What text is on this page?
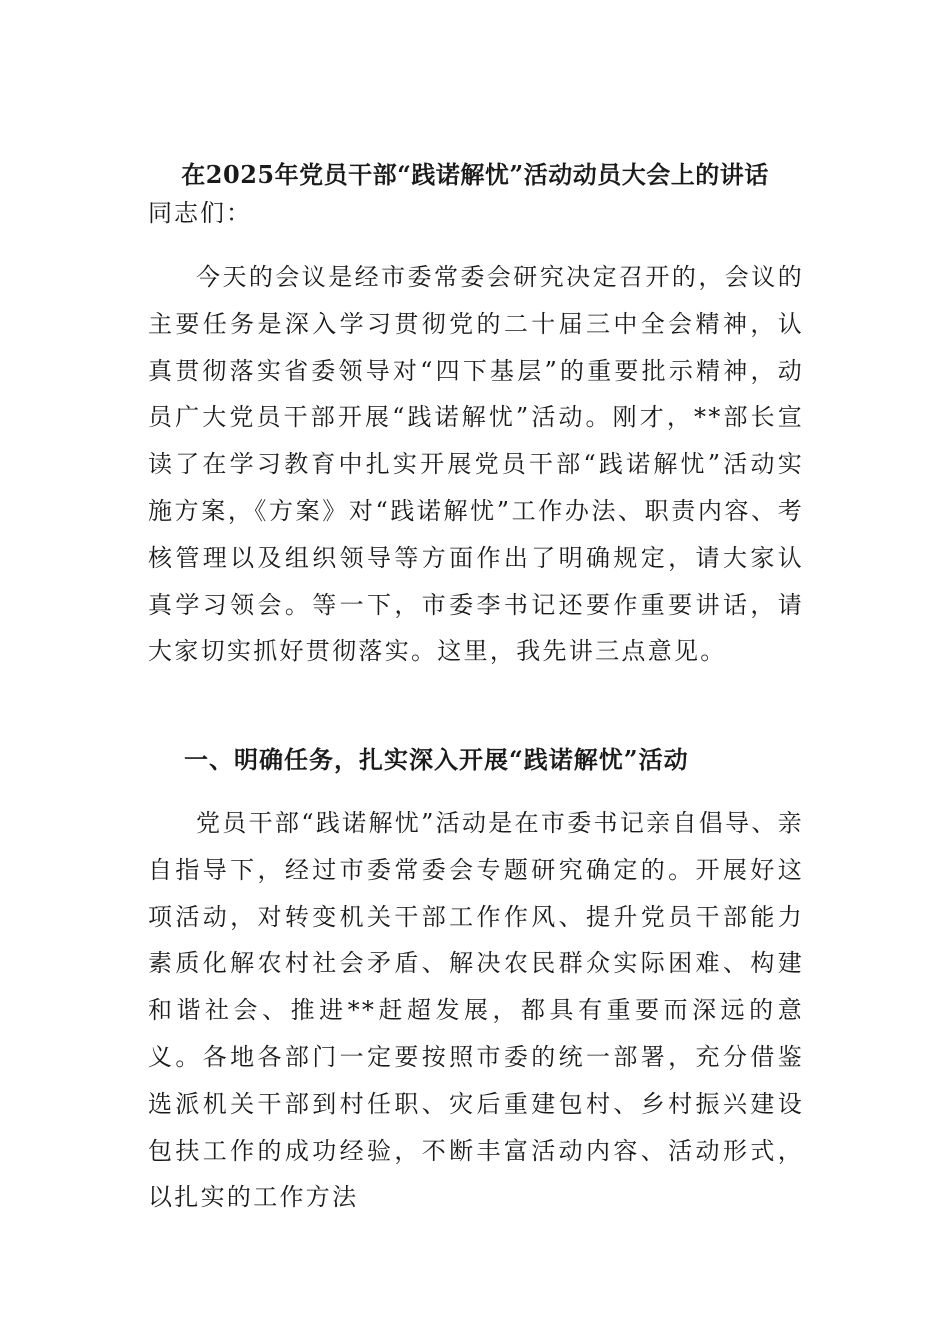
在2025年党员干部“践诺解忧”活动动员大会上的讲话

同志们：

今天的会议是经市委常委会研究决定召开的，会议的主要任务是深入学习贯彻党的二十届三中全会精神，认真贯彻落实省委领导对“四下基层”的重要批示精神，动员广大党员干部开展“践诺解忧”活动。刚才，**部长宣读了在学习教育中扎实开展党员干部“践诺解忧”活动实施方案，《方案》对“践诺解忧”工作办法、职责内容、考核管理以及组织领导等方面作出了明确规定，请大家认真学习领会。等一下，市委李书记还要作重要讲话，请大家切实抓好贯彻落实。这里，我先讲三点意见。

一、明确任务，扎实深入开展“践诺解忧”活动

党员干部“践诺解忧”活动是在市委书记亲自倡导、亲自指导下，经过市委常委会专题研究确定的。开展好这项活动，对转变机关干部工作作风、提升党员干部能力素质化解农村社会矛盾、解决农民群众实际困难、构建和谐社会、推进**赶超发展，都具有重要而深远的意义。各地各部门一定要按照市委的统一部署，充分借鉴选派机关干部到村任职、灾后重建包村、乡村振兴建设包扶工作的成功经验，不断丰富活动内容、活动形式，以扎实的工作方法
